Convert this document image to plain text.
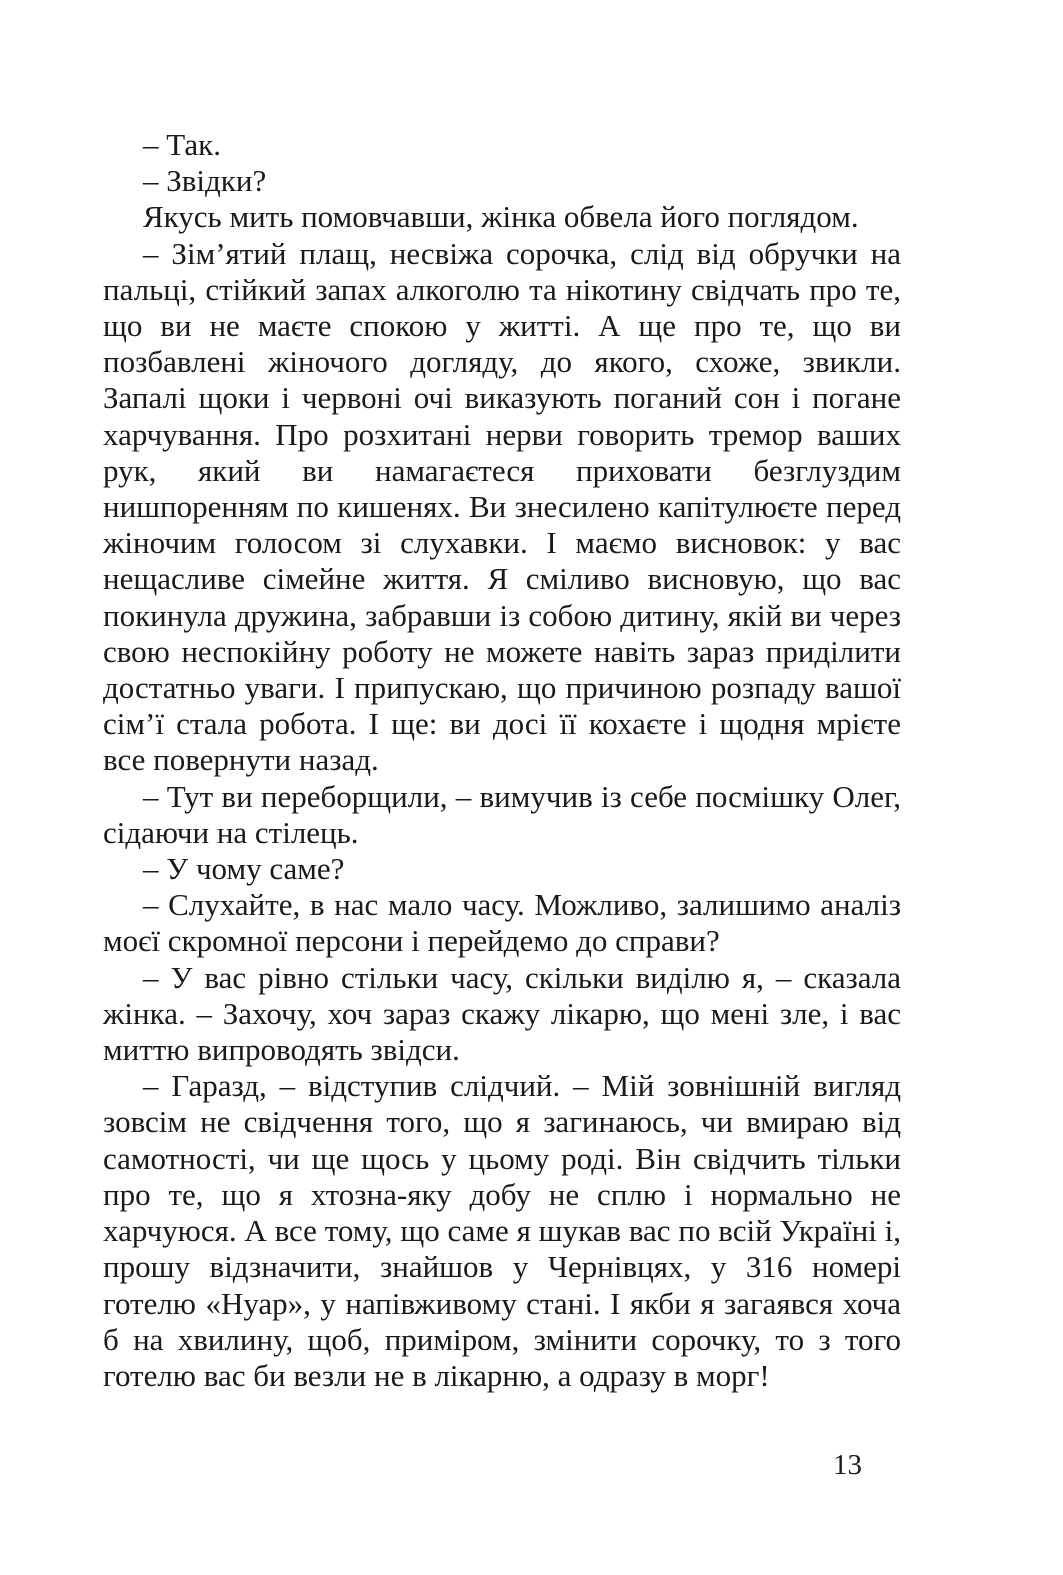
– Так.

– Звідки?

Якусь мить помовчавши, жінка обвела його поглядом.

– Зім’ятий плащ, несвіжа сорочка, слід від обручки на пальці, стійкий запах алкоголю та нікотину свідчать про те, що ви не маєте спокою у житті. А ще про те, що ви позбавлені жіночого догляду, до якого, схоже, звикли. Запалі щоки і червоні очі виказують поганий сон і погане харчування. Про розхитані нерви говорить тремор ваших рук, який ви намагаєтеся приховати безглуздим нишпоренням по кишенях. Ви знесилено капітулюєте перед жіночим голосом зі слухавки. І маємо висновок: у вас нещасливе сімейне життя. Я сміливо висновую, що вас покинула дружина, забравши із собою дитину, якій ви через свою неспокійну роботу не можете навіть зараз приділити достатньо уваги. І припускаю, що причиною розпаду вашої сім’ї стала робота. І ще: ви досі її кохаєте і щодня мрієте все повернути назад.

– Тут ви переборщили, – вимучив із себе посмішку Олег, сідаючи на стілець.

– У чому саме?

– Слухайте, в нас мало часу. Можливо, залишимо аналіз моєї скромної персони і перейдемо до справи?

– У вас рівно стільки часу, скільки виділю я, – сказала жінка. – Захочу, хоч зараз скажу лікарю, що мені зле, і вас миттю випроводять звідси.

– Гаразд, – відступив слідчий. – Мій зовнішній вигляд зовсім не свідчення того, що я загинаюсь, чи вмираю від самотності, чи ще щось у цьому роді. Він свідчить тільки про те, що я хтозна-яку добу не сплю і нормально не харчуюся. А все тому, що саме я шукав вас по всій Україні і, прошу відзначити, знайшов у Чернівцях, у 316 номері готелю «Нуар», у напівживому стані. І якби я загаявся хоча б на хвилину, щоб, приміром, змінити сорочку, то з того готелю вас би везли не в лікарню, а одразу в морг!

13
